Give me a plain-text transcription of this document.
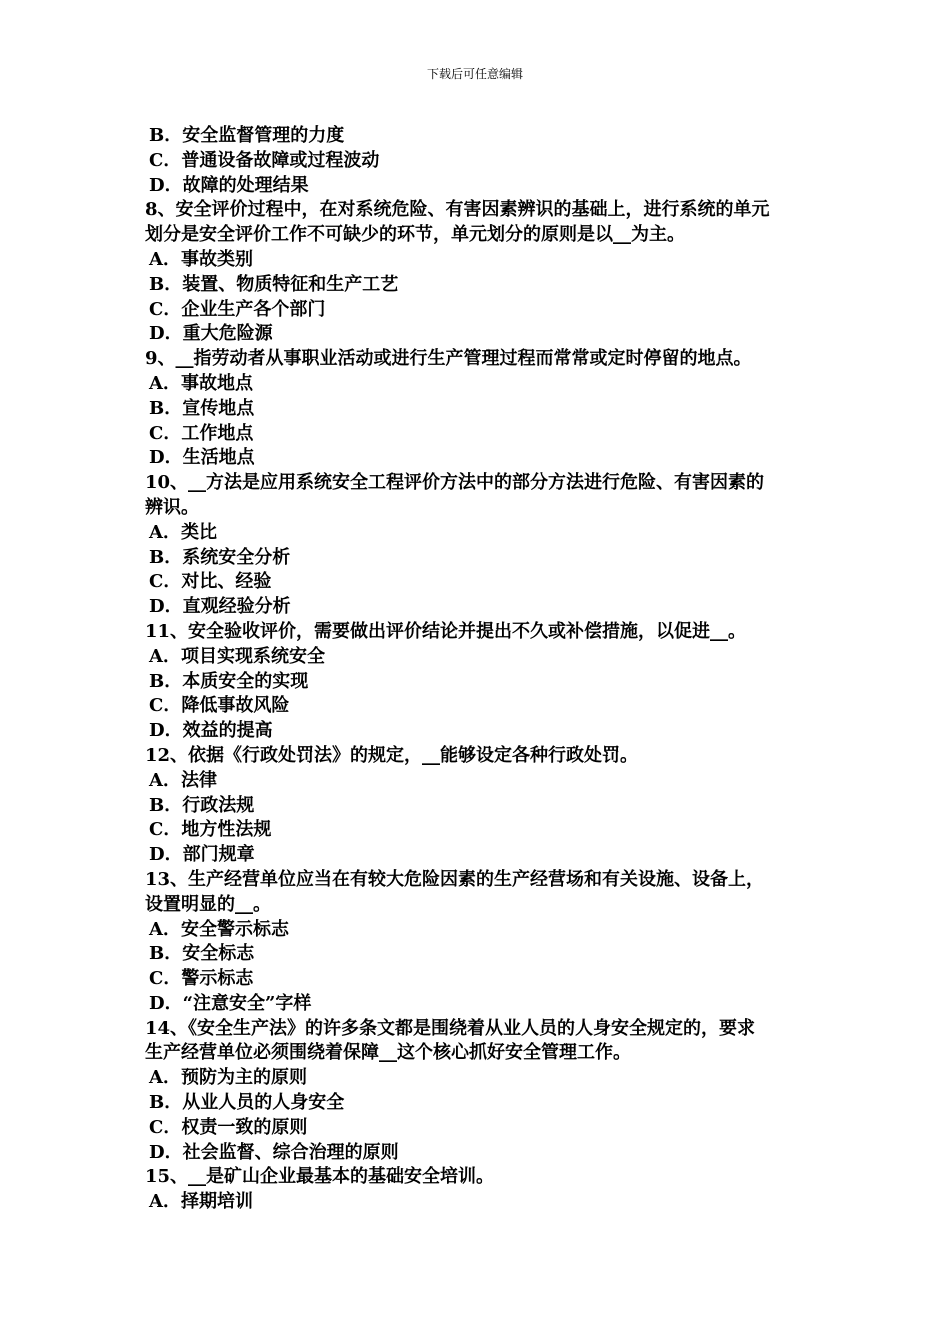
下载后可任意编辑
B．安全监督管理的力度
C．普通设备故障或过程波动
D．故障的处理结果
8、安全评价过程中，在对系统危险、有害因素辨识的基础上，进行系统的单元
划分是安全评价工作不可缺少的环节，单元划分的原则是以__为主。
A．事故类别
B．装置、物质特征和生产工艺
C．企业生产各个部门
D．重大危险源
9、__指劳动者从事职业活动或进行生产管理过程而常常或定时停留的地点。
A．事故地点
B．宣传地点
C．工作地点
D．生活地点
10、__方法是应用系统安全工程评价方法中的部分方法进行危险、有害因素的
辨识。
A．类比
B．系统安全分析
C．对比、经验
D．直观经验分析
11、安全验收评价，需要做出评价结论并提出不久或补偿措施，以促进__。
A．项目实现系统安全
B．本质安全的实现
C．降低事故风险
D．效益的提高
12、依据《行政处罚法》的规定，__能够设定各种行政处罚。
A．法律
B．行政法规
C．地方性法规
D．部门规章
13、生产经营单位应当在有较大危险因素的生产经营场和有关设施、设备上，
设置明显的__。
A．安全警示标志
B．安全标志
C．警示标志
D．“注意安全”字样
14、《安全生产法》的许多条文都是围绕着从业人员的人身安全规定的，要求
生产经营单位必须围绕着保障__这个核心抓好安全管理工作。
A．预防为主的原则
B．从业人员的人身安全
C．权责一致的原则
D．社会监督、综合治理的原则
15、__是矿山企业最基本的基础安全培训。
A．择期培训
